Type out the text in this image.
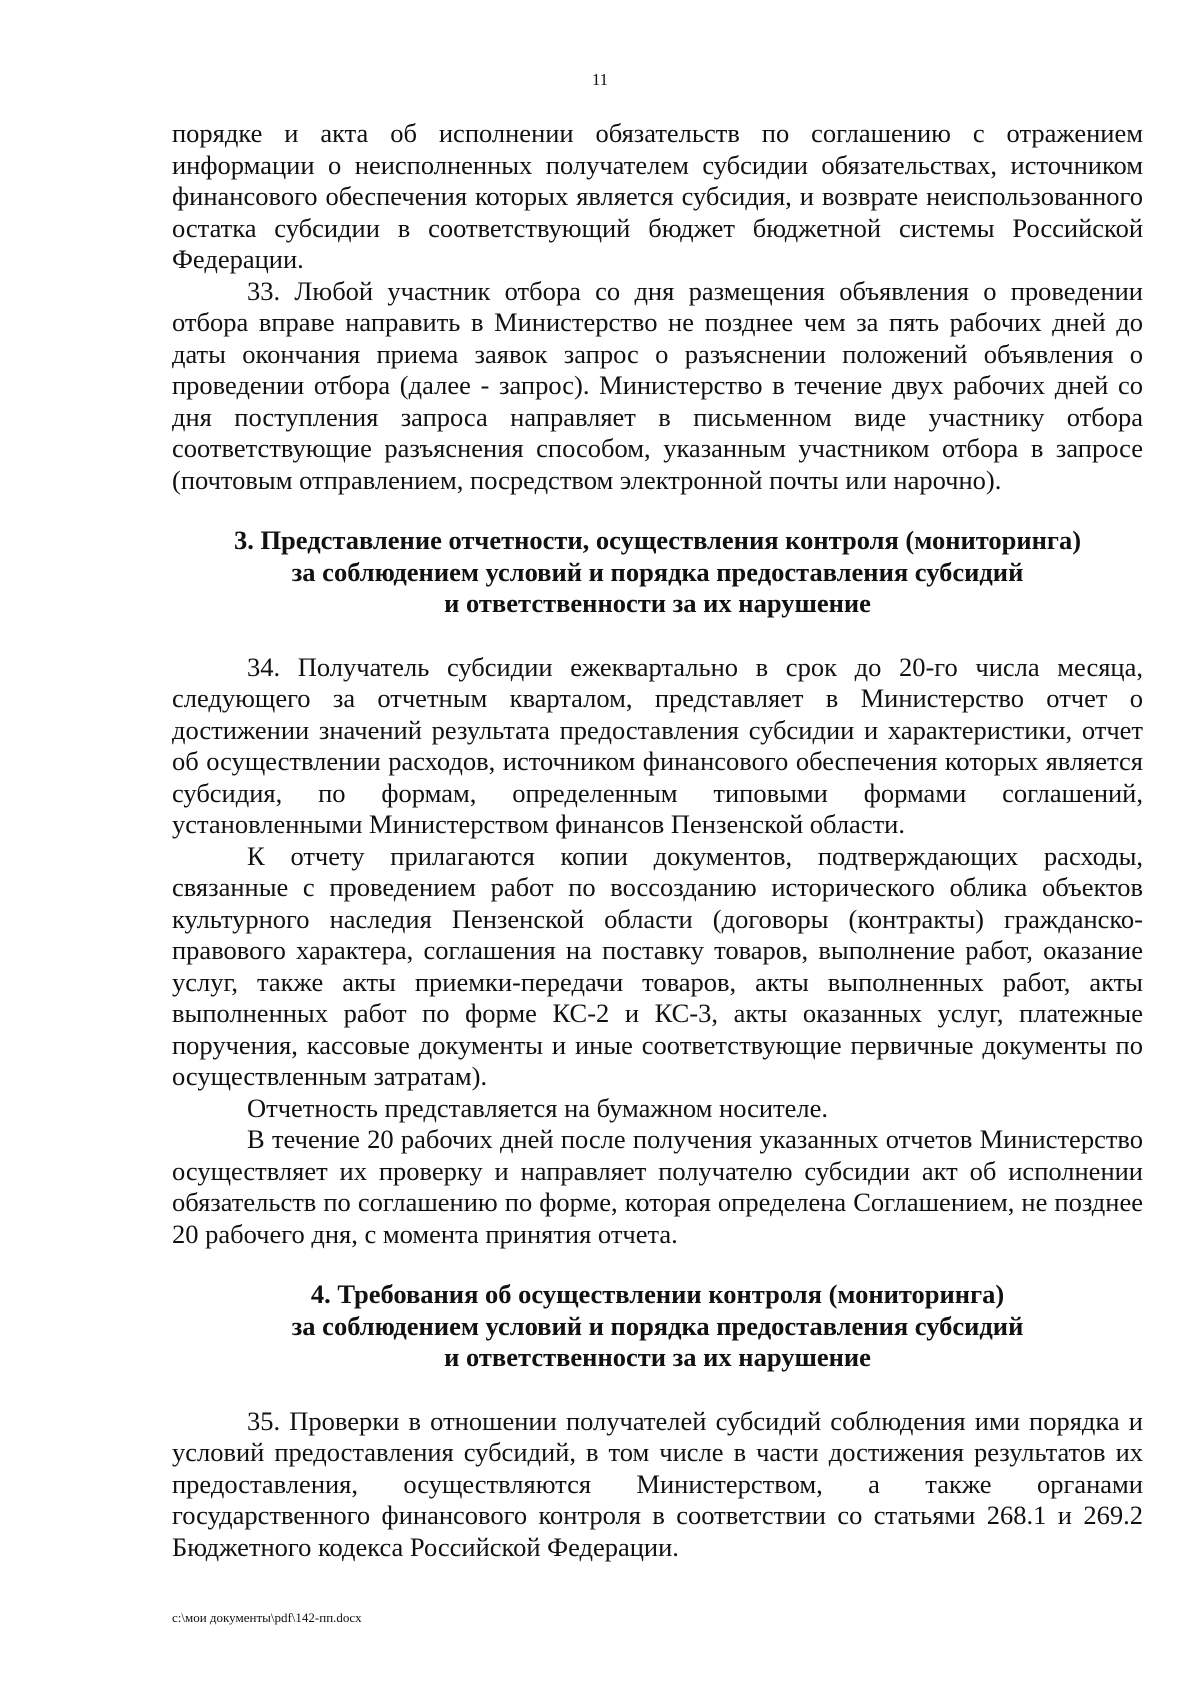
11

порядке и акта об исполнении обязательств по соглашению с отражением информации о неисполненных получателем субсидии обязательствах, источником финансового обеспечения которых является субсидия, и возврате неиспользованного остатка субсидии в соответствующий бюджет бюджетной системы Российской Федерации.

33. Любой участник отбора со дня размещения объявления о проведении отбора вправе направить в Министерство не позднее чем за пять рабочих дней до даты окончания приема заявок запрос о разъяснении положений объявления о проведении отбора (далее - запрос). Министерство в течение двух рабочих дней со дня поступления запроса направляет в письменном виде участнику отбора соответствующие разъяснения способом, указанным участником отбора в запросе (почтовым отправлением, посредством электронной почты или нарочно).

3. Представление отчетности, осуществления контроля (мониторинга)
за соблюдением условий и порядка предоставления субсидий
и ответственности за их нарушение

34. Получатель субсидии ежеквартально в срок до 20-го числа месяца, следующего за отчетным кварталом, представляет в Министерство отчет о достижении значений результата предоставления субсидии и характеристики, отчет об осуществлении расходов, источником финансового обеспечения которых является субсидия, по формам, определенным типовыми формами соглашений, установленными Министерством финансов Пензенской области.

К отчету прилагаются копии документов, подтверждающих расходы, связанные с проведением работ по воссозданию исторического облика объектов культурного наследия Пензенской области (договоры (контракты) гражданско-правового характера, соглашения на поставку товаров, выполнение работ, оказание услуг, также акты приемки-передачи товаров, акты выполненных работ, акты выполненных работ по форме КС-2 и КС-3, акты оказанных услуг, платежные поручения, кассовые документы и иные соответствующие первичные документы по осуществленным затратам).

Отчетность представляется на бумажном носителе.

В течение 20 рабочих дней после получения указанных отчетов Министерство осуществляет их проверку и направляет получателю субсидии акт об исполнении обязательств по соглашению по форме, которая определена Соглашением, не позднее 20 рабочего дня, с момента принятия отчета.

4. Требования об осуществлении контроля (мониторинга)
за соблюдением условий и порядка предоставления субсидий
и ответственности за их нарушение

35. Проверки в отношении получателей субсидий соблюдения ими порядка и условий предоставления субсидий, в том числе в части достижения результатов их предоставления, осуществляются Министерством, а также органами государственного финансового контроля в соответствии со статьями 268.1 и 269.2 Бюджетного кодекса Российской Федерации.

c:\мои документы\pdf\142-пп.docx
